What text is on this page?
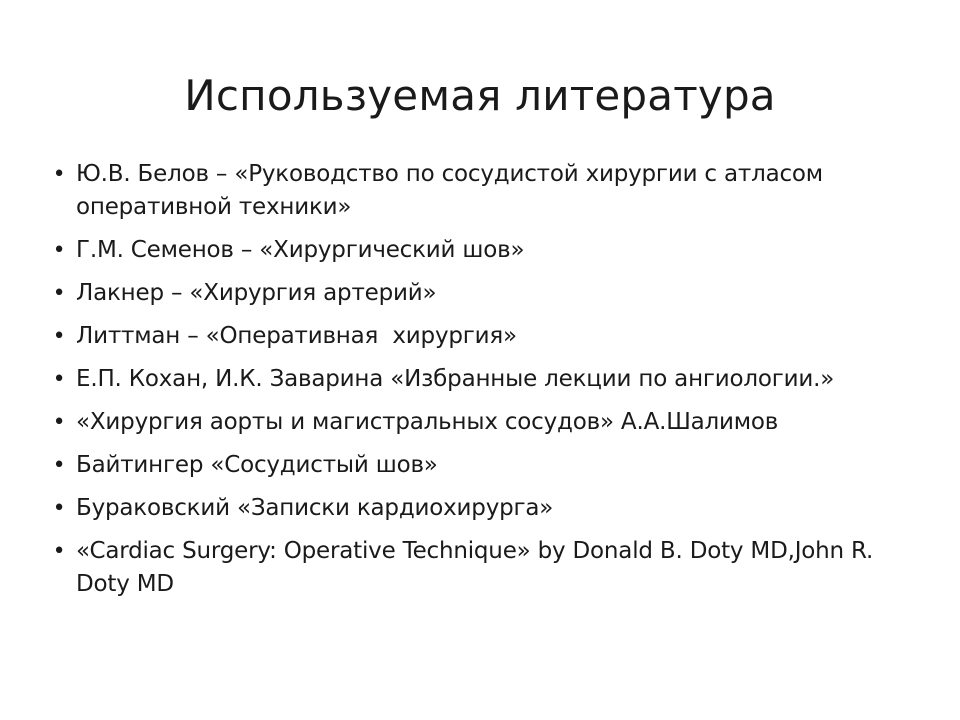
Используемая литература
• Ю.В. Белов – «Руководство по сосудистой хирургии с атласом оперативной техники»
• Г.М. Семенов – «Хирургический шов»
• Лакнер – «Хирургия артерий»
• Литтман – «Оперативная  хирургия»
• Е.П. Кохан, И.К. Заварина «Избранные лекции по ангиологии.»
• «Хирургия аорты и магистральных сосудов» А.А.Шалимов
• Байтингер «Сосудистый шов»
• Бураковский «Записки кардиохирурга»
• «Cardiac Surgery: Operative Technique» by Donald B. Doty MD,John R. Doty MD
